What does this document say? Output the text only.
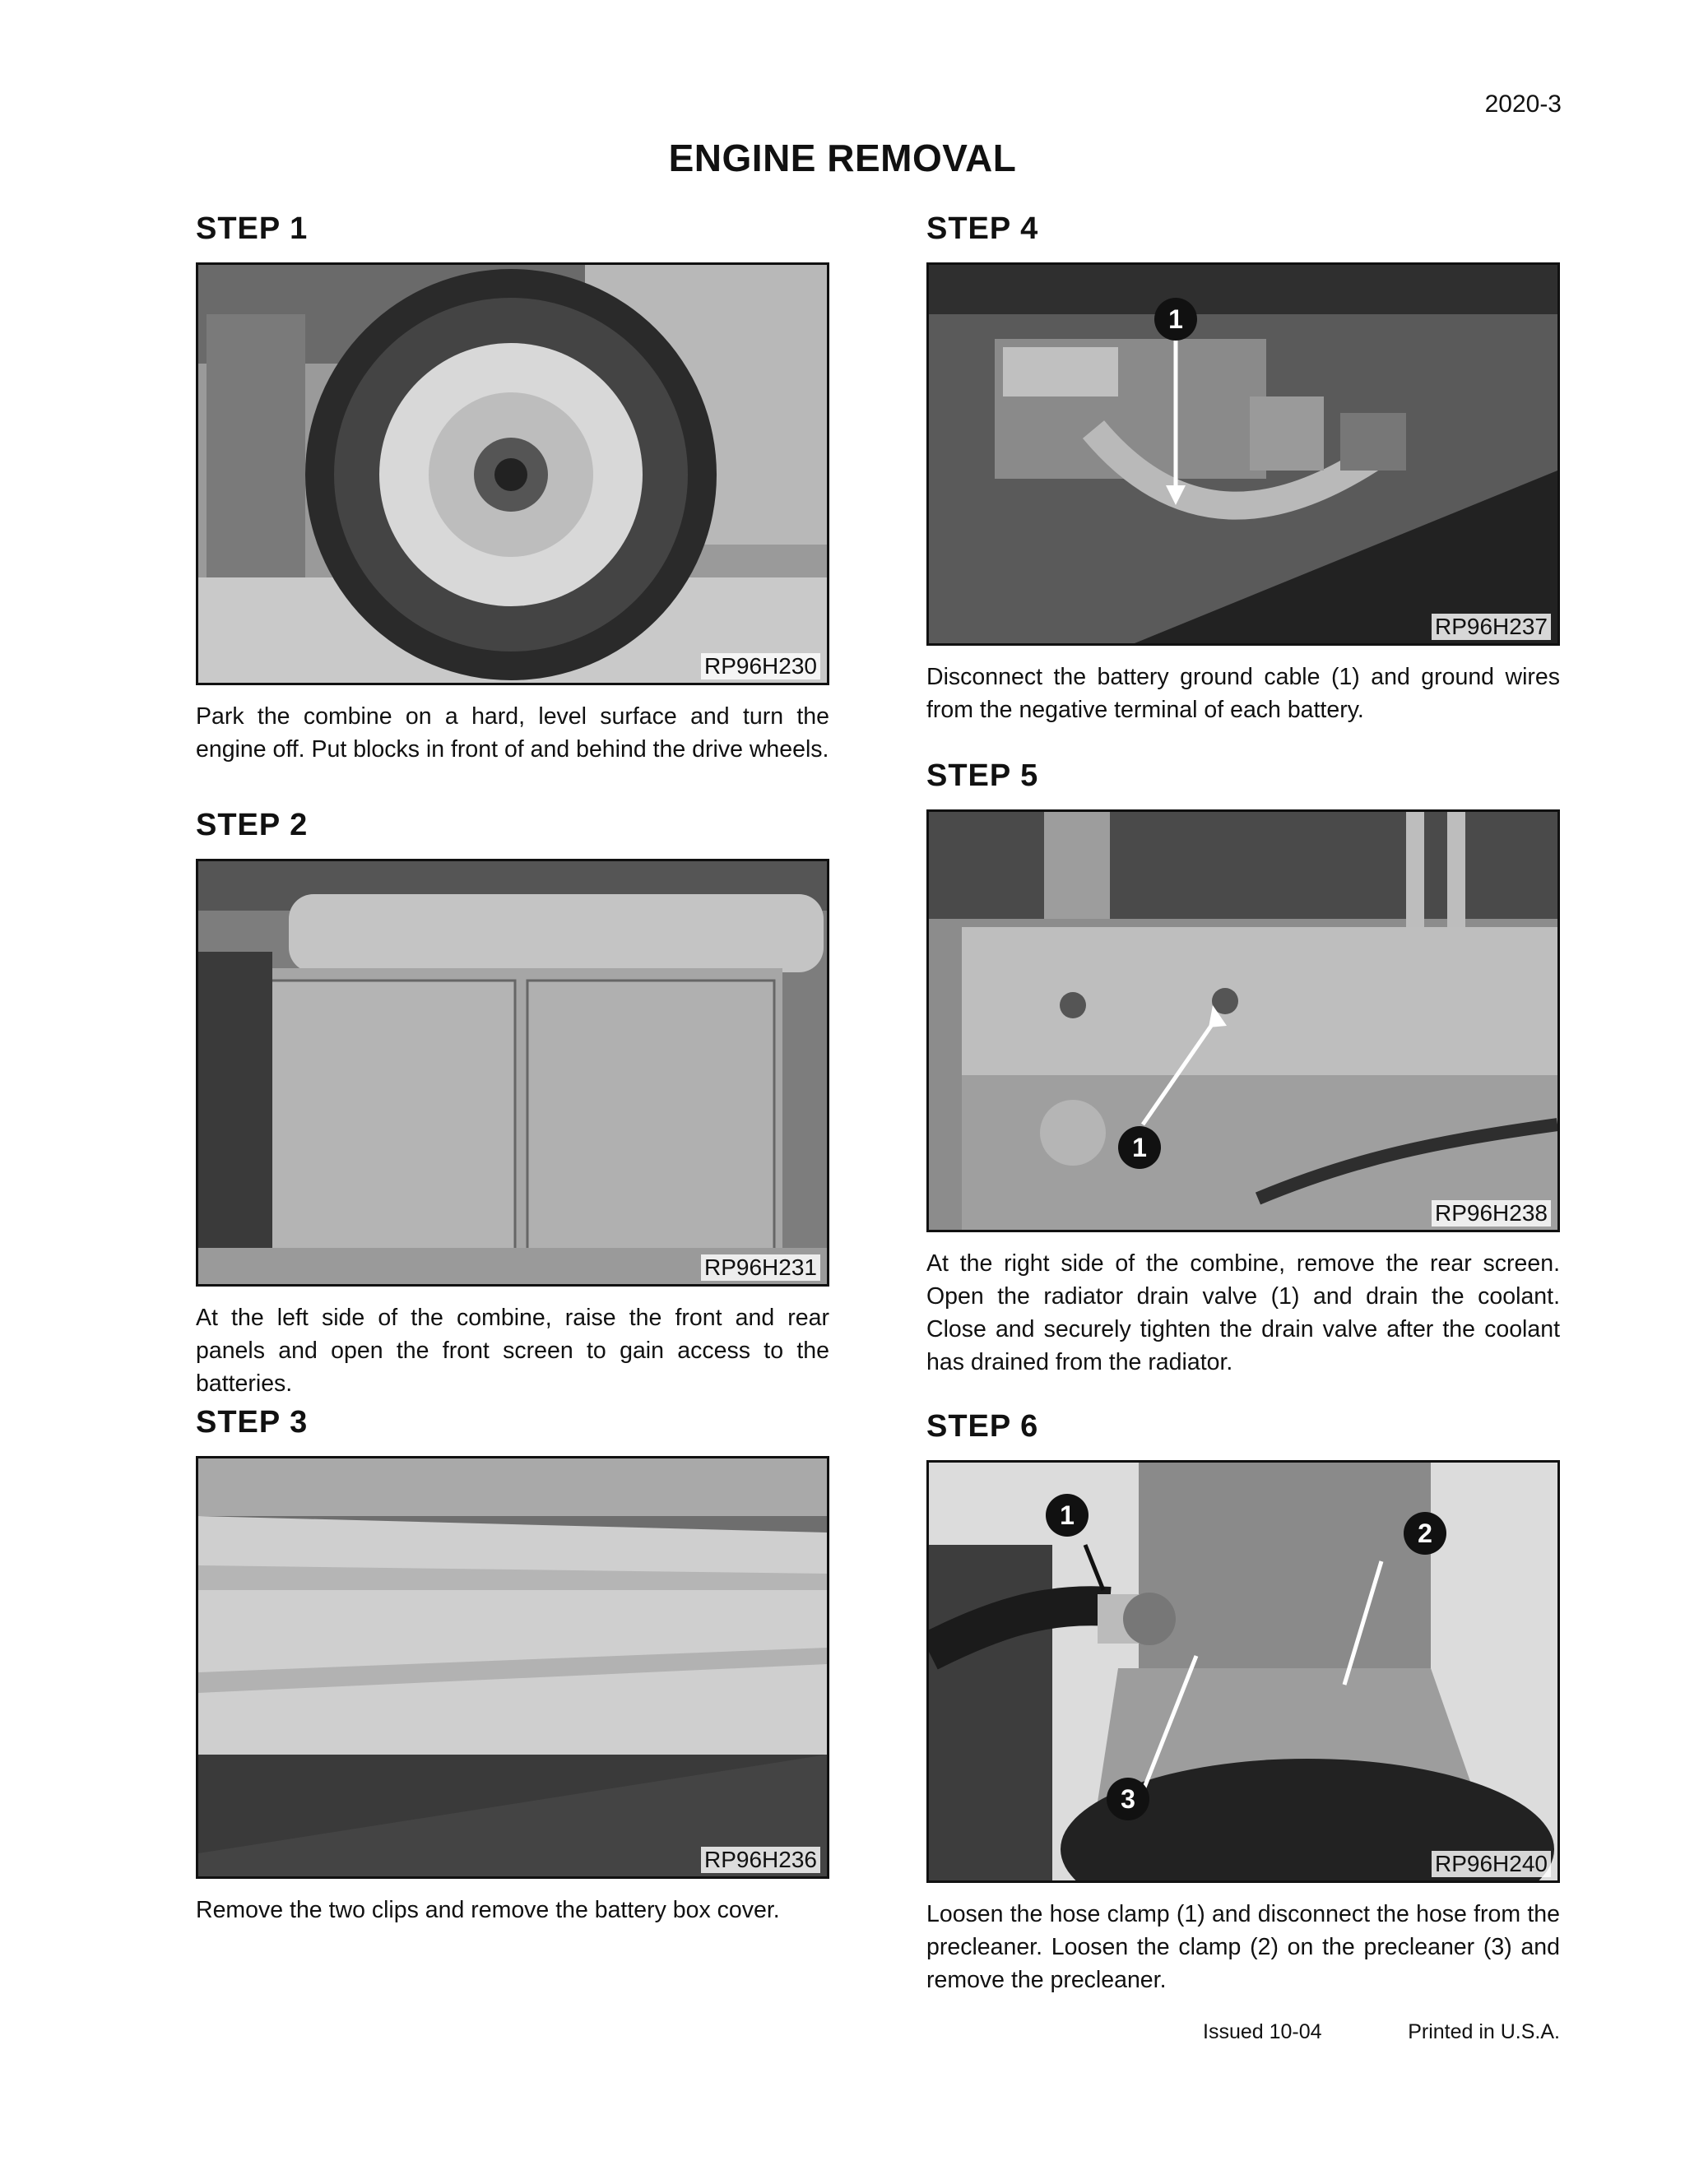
2020-3
ENGINE REMOVAL
STEP 1
RP96H230

Park the combine on a hard, level surface and turn the engine off. Put blocks in front of and behind the drive wheels.

STEP 2
RP96H231

At the left side of the combine, raise the front and rear panels and open the front screen to gain access to the batteries.

STEP 3
RP96H236

Remove the two clips and remove the battery box cover.

STEP 4
1
RP96H237

Disconnect the battery ground cable (1) and ground wires from the negative terminal of each battery.

STEP 5
1
RP96H238

At the right side of the combine, remove the rear screen. Open the radiator drain valve (1) and drain the coolant. Close and securely tighten the drain valve after the coolant has drained from the radiator.

STEP 6
1
2
3
RP96H240

Loosen the hose clamp (1) and disconnect the hose from the precleaner. Loosen the clamp (2) on the precleaner (3) and remove the precleaner.

Issued 10-04	Printed in U.S.A.
